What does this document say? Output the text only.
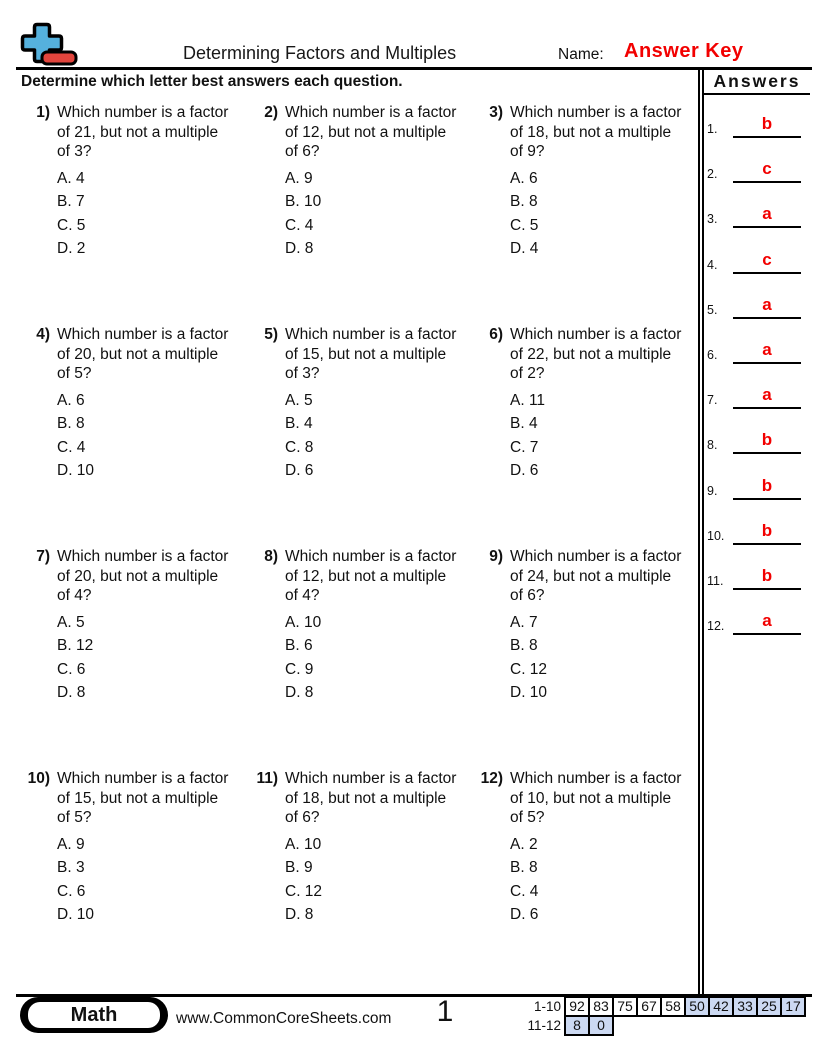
Determining Factors and Multiples	Name: Answer Key
Determine which letter best answers each question.
1) Which number is a factor of 21, but not a multiple of 3?
A. 4
B. 7
C. 5
D. 2
2) Which number is a factor of 12, but not a multiple of 6?
A. 9
B. 10
C. 4
D. 8
3) Which number is a factor of 18, but not a multiple of 9?
A. 6
B. 8
C. 5
D. 4
4) Which number is a factor of 20, but not a multiple of 5?
A. 6
B. 8
C. 4
D. 10
5) Which number is a factor of 15, but not a multiple of 3?
A. 5
B. 4
C. 8
D. 6
6) Which number is a factor of 22, but not a multiple of 2?
A. 11
B. 4
C. 7
D. 6
7) Which number is a factor of 20, but not a multiple of 4?
A. 5
B. 12
C. 6
D. 8
8) Which number is a factor of 12, but not a multiple of 4?
A. 10
B. 6
C. 9
D. 8
9) Which number is a factor of 24, but not a multiple of 6?
A. 7
B. 8
C. 12
D. 10
10) Which number is a factor of 15, but not a multiple of 5?
A. 9
B. 3
C. 6
D. 10
11) Which number is a factor of 18, but not a multiple of 6?
A. 10
B. 9
C. 12
D. 8
12) Which number is a factor of 10, but not a multiple of 5?
A. 2
B. 8
C. 4
D. 6
Answers
1.	b
2.	c
3.	a
4.	c
5.	a
6.	a
7.	a
8.	b
9.	b
10.	b
11.	b
12.	a
Math	www.CommonCoreSheets.com	1	1-10 92 83 75 67 58 50 42 33 25 17
11-12 8	0
